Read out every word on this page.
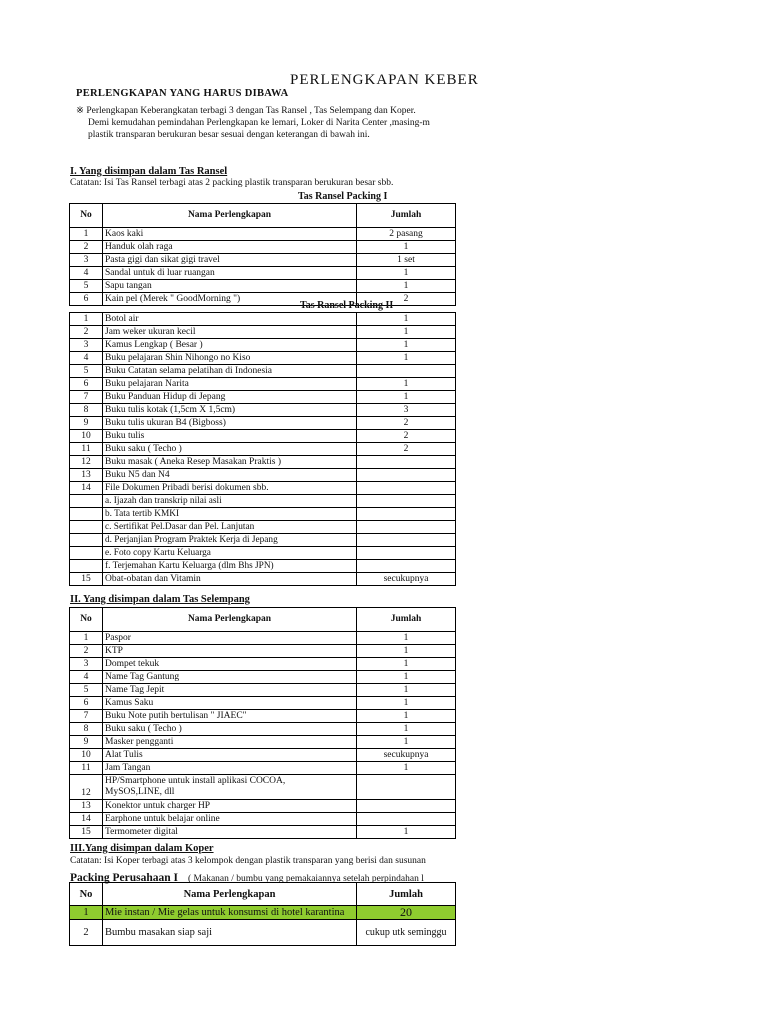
PERLENGKAPAN KEBER
PERLENGKAPAN YANG HARUS DIBAWA
※ Perlengkapan Keberangkatan terbagi 3 dengan Tas Ransel , Tas Selempang dan Koper.
Demi kemudahan pemindahan Perlengkapan ke lemari, Loker di Narita Center ,masing-m
plastik transparan berukuran besar sesuai dengan keterangan di bawah ini.
I. Yang disimpan dalam Tas Ransel
Catatan: Isi Tas Ransel terbagi atas 2 packing plastik transparan berukuran besar sbb.
Tas Ransel Packing I
No	Nama Perlengkapan	Jumlah
1	Kaos kaki	2 pasang
2	Handuk olah raga	1
3	Pasta gigi dan sikat gigi travel	1 set
4	Sandal untuk di luar ruangan	1
5	Sapu tangan	1
6	Kain pel (Merek " GoodMorning ")	2
Tas Ransel Packing II
1	Botol air	1
2	Jam weker ukuran kecil	1
3	Kamus Lengkap ( Besar )	1
4	Buku pelajaran Shin Nihongo no Kiso	1
5	Buku Catatan selama pelatihan di Indonesia	
6	Buku pelajaran Narita	1
7	Buku Panduan Hidup di Jepang	1
8	Buku tulis kotak (1,5cm X 1,5cm)	3
9	Buku tulis ukuran B4 (Bigboss)	2
10	Buku tulis	2
11	Buku saku ( Techo )	2
12	Buku masak ( Aneka Resep Masakan Praktis )	
13	Buku N5 dan N4	
14	File Dokumen Pribadi berisi dokumen sbb.	
	a. Ijazah dan transkrip nilai asli	
	b. Tata tertib KMKI	
	c. Sertifikat Pel.Dasar dan Pel. Lanjutan	
	d. Perjanjian Program Praktek Kerja di Jepang	
	e. Foto copy Kartu Keluarga	
	f. Terjemahan Kartu Keluarga (dlm Bhs JPN)	
15	Obat-obatan dan Vitamin	secukupnya
II. Yang disimpan dalam Tas Selempang
No	Nama Perlengkapan	Jumlah
1	Paspor	1
2	KTP	1
3	Dompet tekuk	1
4	Name Tag Gantung	1
5	Name Tag Jepit	1
6	Kamus Saku	1
7	Buku Note putih bertulisan " JIAEC"	1
8	Buku saku ( Techo )	1
9	Masker pengganti	1
10	Alat Tulis	secukupnya
11	Jam Tangan	1
12	HP/Smartphone untuk install aplikasi COCOA,
MySOS,LINE, dll	
13	Konektor untuk charger HP	
14	Earphone untuk belajar online	
15	Termometer digital	1
III.Yang disimpan dalam Koper
Catatan: Isi Koper terbagi atas 3 kelompok dengan plastik transparan yang berisi dan susunan
Packing Perusahaan I ( Makanan / bumbu yang pemakaiannya setelah perpindahan l
No	Nama Perlengkapan	Jumlah
1	Mie instan / Mie gelas untuk konsumsi di hotel karantina	20
2	Bumbu masakan siap saji	cukup utk seminggu
